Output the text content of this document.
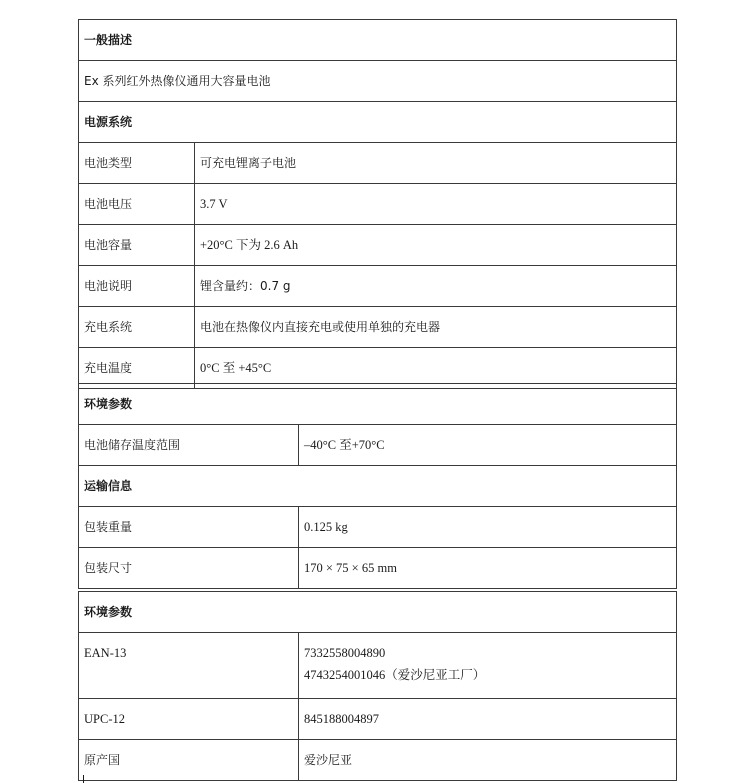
一般描述	
Ex 系列红外热像仪通用大容量电池	
电源系统	
电池类型	可充电锂离子电池
电池电压	3.7 V
电池容量	+20°C 下为 2.6 Ah
电池说明	锂含量约：0.7 g
充电系统	电池在热像仪内直接充电或使用单独的充电器
充电温度	0°C 至 +45°C
环境参数	
电池储存温度范围	–40°C 至+70°C
运输信息	
包装重量	0.125 kg
包装尺寸	170 × 75 × 65 mm
环境参数	
EAN-13	7332558004890
4743254001046（爱沙尼亚工厂）

UPC-12	845188004897
原产国	爱沙尼亚
